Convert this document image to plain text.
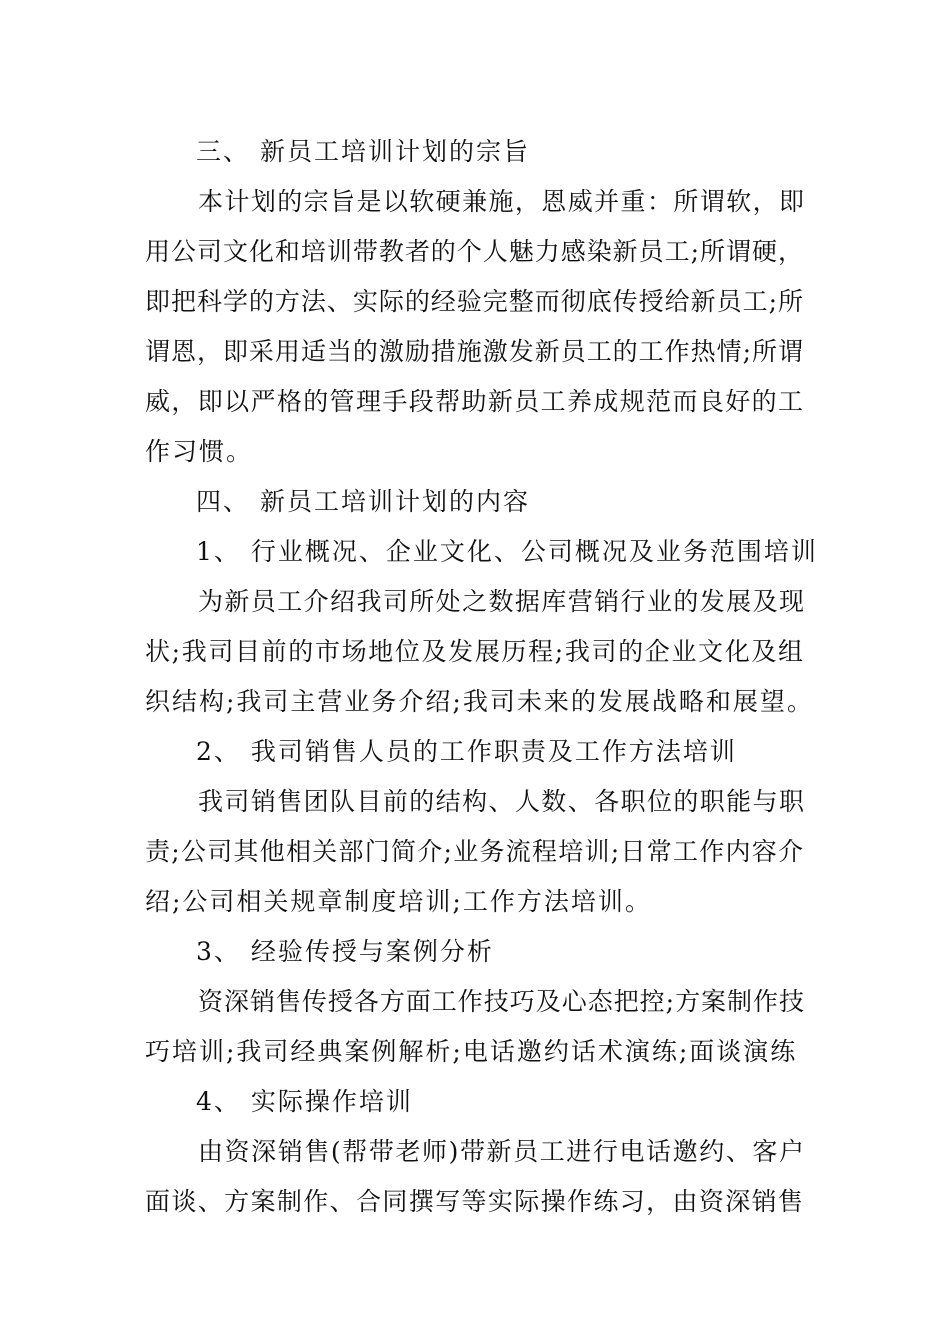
三、 新员工培训计划的宗旨
本计划的宗旨是以软硬兼施，恩威并重：所谓软，即
用公司文化和培训带教者的个人魅力感染新员工;所谓硬，
即把科学的方法、实际的经验完整而彻底传授给新员工;所
谓恩，即采用适当的激励措施激发新员工的工作热情;所谓
威，即以严格的管理手段帮助新员工养成规范而良好的工
作习惯。
四、 新员工培训计划的内容
1、 行业概况、企业文化、公司概况及业务范围培训
为新员工介绍我司所处之数据库营销行业的发展及现
状;我司目前的市场地位及发展历程;我司的企业文化及组
织结构;我司主营业务介绍;我司未来的发展战略和展望。
2、 我司销售人员的工作职责及工作方法培训
我司销售团队目前的结构、人数、各职位的职能与职
责;公司其他相关部门简介;业务流程培训;日常工作内容介
绍;公司相关规章制度培训;工作方法培训。
3、 经验传授与案例分析
资深销售传授各方面工作技巧及心态把控;方案制作技
巧培训;我司经典案例解析;电话邀约话术演练;面谈演练
4、 实际操作培训
由资深销售(帮带老师)带新员工进行电话邀约、客户
面谈、方案制作、合同撰写等实际操作练习，由资深销售
